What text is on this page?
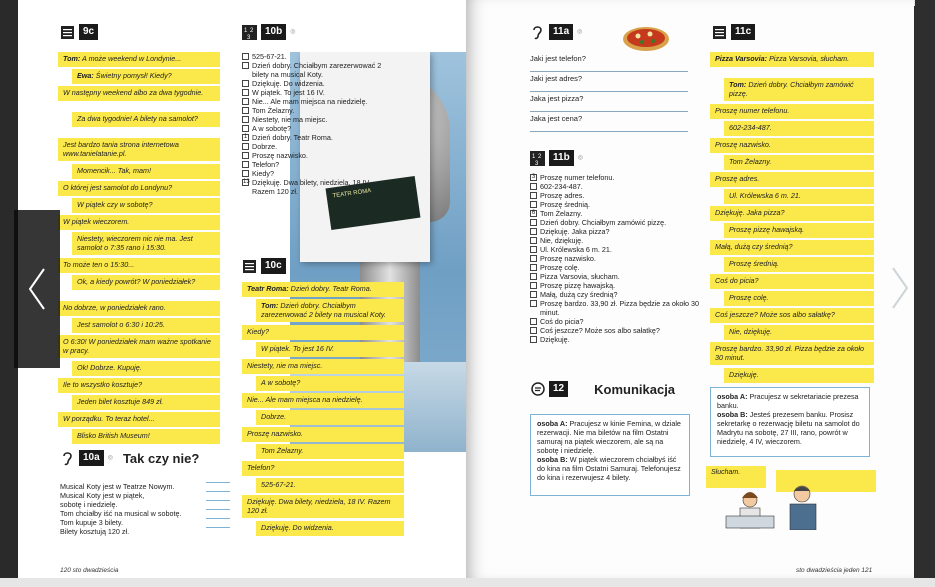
9c
Tom: A może weekend w Londynie...
Ewa: Świetny pomysł! Kiedy?
W następny weekend albo za dwa tygodnie.
Za dwa tygodnie! A bilety na samolot?
Jest bardzo tania strona internetowa www.tanielatanie.pl.
Momencik... Tak, mam!
O której jest samolot do Londynu?
W piątek czy w sobotę?
W piątek wieczorem.
Niestety, wieczorem nic nie ma. Jest samolot o 7:35 rano i 15:30.
To może ten o 15:30...
Ok, a kiedy powrót? W poniedziałek?
No dobrze, w poniedziałek rano.
Jest samolot o 6:30 i 10:25.
O 6:30! W poniedziałek mam ważne spotkanie w pracy.
Ok! Dobrze. Kupuję.
Ile to wszystko kosztuje?
Jeden bilet kosztuje 849 zł.
W porządku. To teraz hotel...
Blisko British Museum!
10a	◎ Tak czy nie?
Musical Koty jest w Teatrze Nowym.
Musical Koty jest w piątek,
sobotę i niedzielę.
Tom chciałby iść na musical w sobotę.
Tom kupuje 3 bilety.
Bilety kosztują 120 zł.
1 2
3
10b	◎
TEATR ROMA
525-67-21.
Dzień dobry. Chciałbym zarezerwować 2 bilety na musical Koty.
Dziękuję. Do widzenia.
W piątek. To jest 16 IV.
Nie... Ale mam miejsca na niedzielę.
Tom Żelazny.
Niestety, nie ma miejsc.
A w sobotę?
1 Dzień dobry. Teatr Roma.
Dobrze.
Proszę nazwisko.
Telefon?
Kiedy?
13 Dziękuję. Dwa bilety, niedziela, 18 IV. Razem 120 zł.
10c
Teatr Roma: Dzień dobry. Teatr Roma.
Tom: Dzień dobry. Chciałbym zarezerwować 2 bilety na musical Koty.
Kiedy?
W piątek. To jest 16 IV.
Niestety, nie ma miejsc.
A w sobotę?
Nie... Ale mam miejsca na niedzielę.
Dobrze.
Proszę nazwisko.
Tom Żelazny.
Telefon?
525-67-21.
Dziękuję. Dwa bilety, niedziela, 18 IV. Razem 120 zł.
Dziękuję. Do widzenia.
120 sto dwadzieścia
11a	◎
Jaki jest telefon?
Jaki jest adres?
Jaka jest pizza?
Jaka jest cena?
1 2
3
11b	◎
3 Proszę numer telefonu.
602-234-487.
Proszę adres.
Proszę średnią.
6 Tom Żelazny.
Dzień dobry. Chciałbym zamówić pizzę.
Dziękuję. Jaka pizza?
Nie, dziękuję.
Ul. Królewska 6 m. 21.
Proszę nazwisko.
Proszę colę.
Pizza Varsovia, słucham.
Proszę pizzę hawajską.
Małą, dużą czy średnią?
Proszę bardzo. 33,90 zł. Pizza będzie za około 30 minut.
Coś do picia?
Coś jeszcze? Może sos albo sałatkę?
Dziękuję.
12	Komunikacja
osoba A: Pracujesz w kinie Femina, w dziale rezerwacji. Nie ma biletów na film Ostatni samuraj na piątek wieczorem, ale są na sobotę i niedzielę.
osoba B: W piątek wieczorem chciałbyś iść do kina na film Ostatni Samuraj. Telefonujesz do kina i rezerwujesz 4 bilety.
osoba A: Pracujesz w sekretariacie prezesa banku.
osoba B: Jesteś prezesem banku. Prosisz sekretarkę o rezerwację biletu na samolot do Madrytu na sobotę, 27 III, rano, powrót w niedzielę, 4 IV, wieczorem.
Słucham.
11c
Pizza Varsovia: Pizza Varsovia, słucham.
Tom: Dzień dobry. Chciałbym zamówić pizzę.
Proszę numer telefonu.
602-234-487.
Proszę nazwisko.
Tom Żelazny.
Proszę adres.
Ul. Królewska 6 m. 21.
Dziękuję. Jaka pizza?
Proszę pizzę hawajską.
Małą, dużą czy średnią?
Proszę średnią.
Coś do picia?
Proszę colę.
Coś jeszcze? Może sos albo sałatkę?
Nie, dziękuję.
Proszę bardzo. 33,90 zł. Pizza będzie za około 30 minut.
Dziękuję.
sto dwadzieścia jeden 121
